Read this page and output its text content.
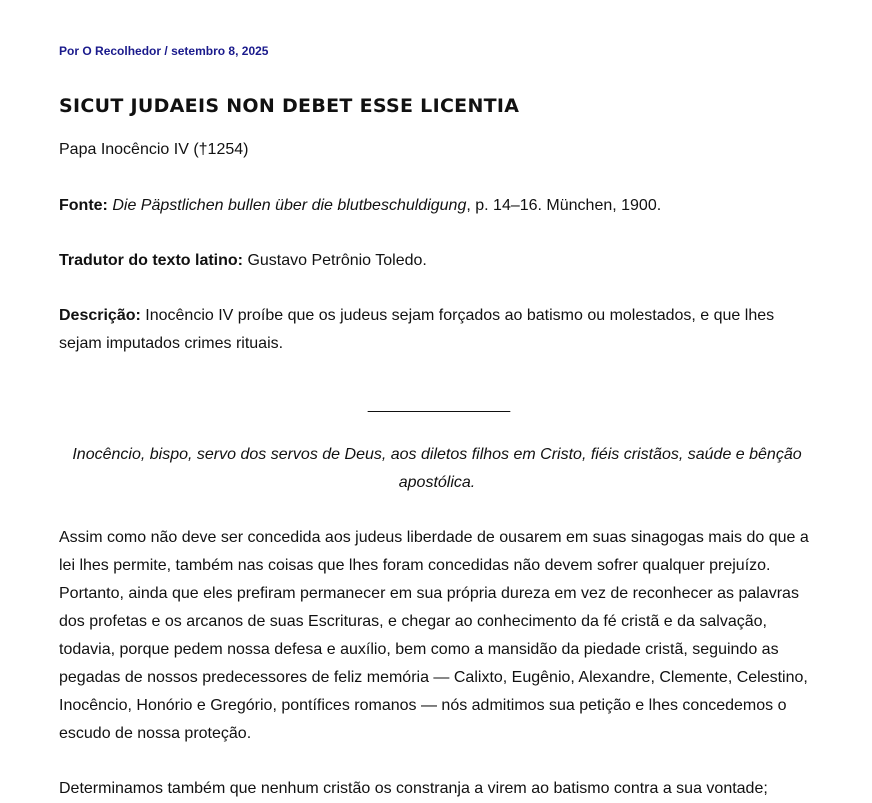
Por O Recolhedor / setembro 8, 2025
SICUT JUDAEIS NON DEBET ESSE LICENTIA

Papa Inocêncio IV (†1254)

Fonte: Die Päpstlichen bullen über die blutbeschuldigung, p. 14–16. München, 1900.

Tradutor do texto latino: Gustavo Petrônio Toledo.

Descrição: Inocêncio IV proíbe que os judeus sejam forçados ao batismo ou molestados, e que lhes sejam imputados crimes rituais.

________________

Inocêncio, bispo, servo dos servos de Deus, aos diletos filhos em Cristo, fiéis cristãos, saúde e bênção apostólica.

Assim como não deve ser concedida aos judeus liberdade de ousarem em suas sinagogas mais do que a lei lhes permite, também nas coisas que lhes foram concedidas não devem sofrer qualquer prejuízo. Portanto, ainda que eles prefiram permanecer em sua própria dureza em vez de reconhecer as palavras dos profetas e os arcanos de suas Escrituras, e chegar ao conhecimento da fé cristã e da salvação, todavia, porque pedem nossa defesa e auxílio, bem como a mansidão da piedade cristã, seguindo as pegadas de nossos predecessores de feliz memória — Calixto, Eugênio, Alexandre, Clemente, Celestino, Inocêncio, Honório e Gregório, pontífices romanos — nós admitimos sua petição e lhes concedemos o escudo de nossa proteção.

Determinamos também que nenhum cristão os constranja a virem ao batismo contra a sua vontade;
